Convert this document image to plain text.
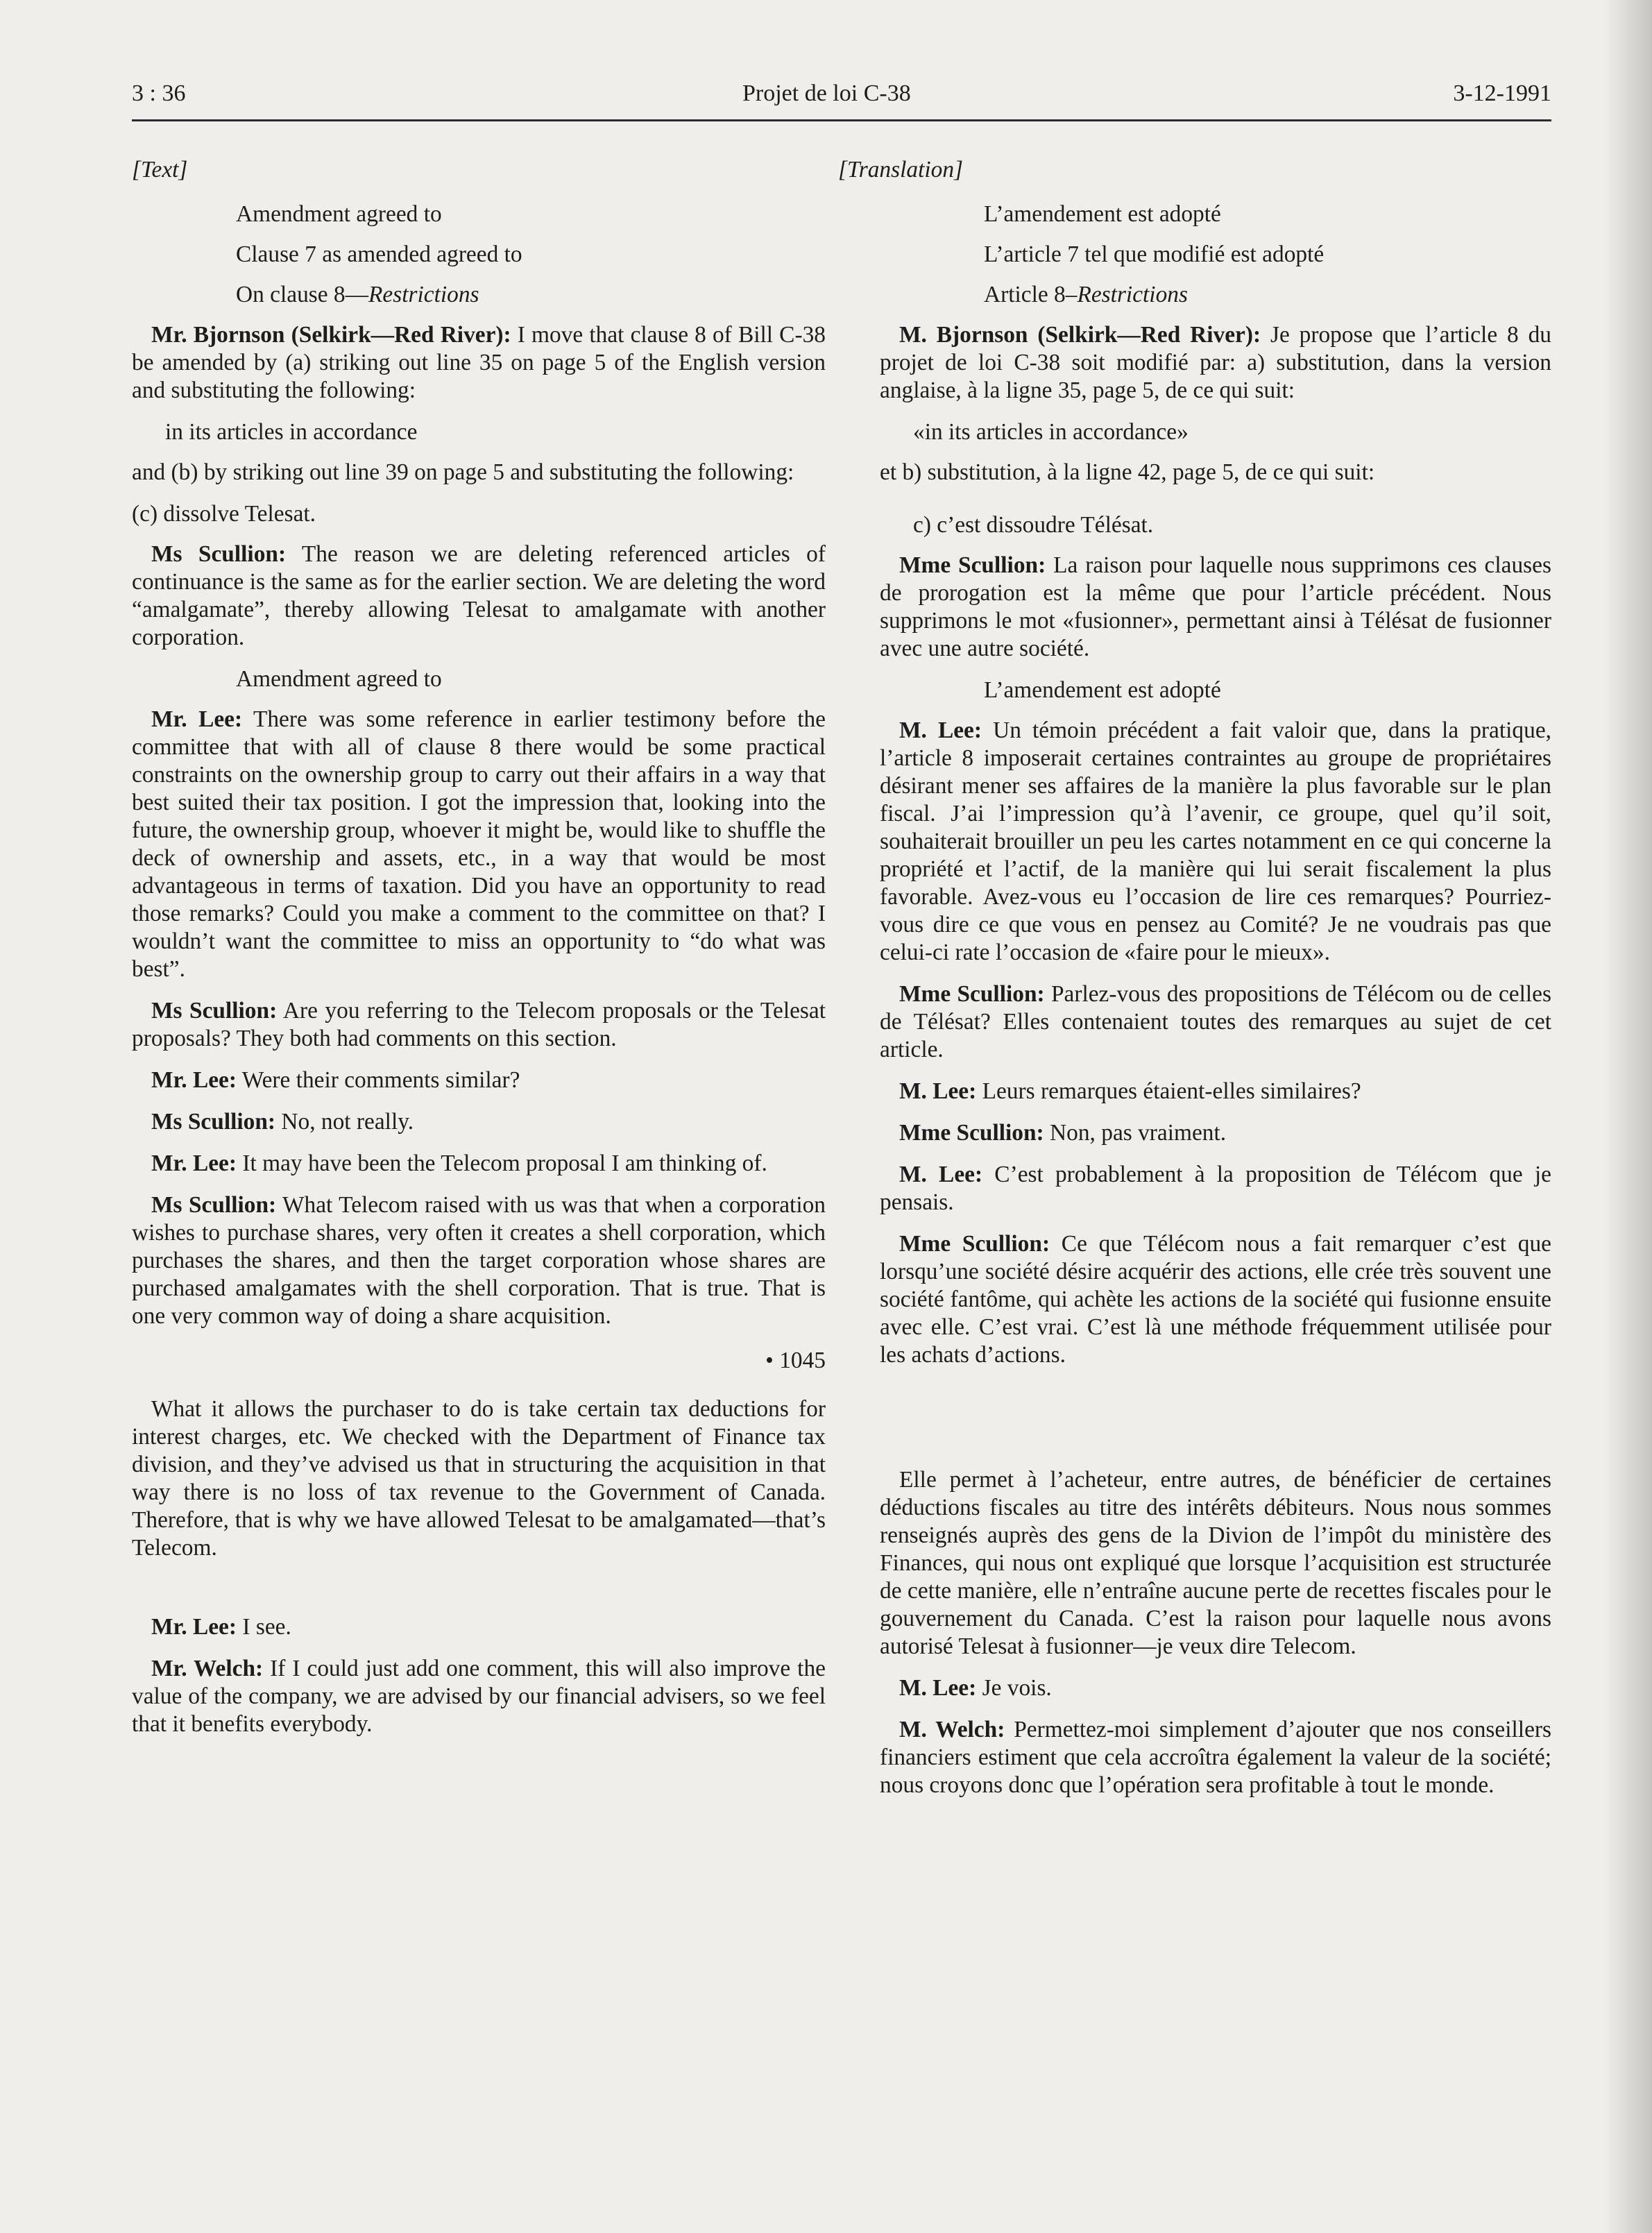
3 : 36	Projet de loi C-38	3-12-1991
[Text]
Amendment agreed to
Clause 7 as amended agreed to
On clause 8—Restrictions

Mr. Bjornson (Selkirk—Red River): I move that clause 8 of Bill C-38 be amended by (a) striking out line 35 on page 5 of the English version and substituting the following:

in its articles in accordance

and (b) by striking out line 39 on page 5 and substituting the following:

(c) dissolve Telesat.

Ms Scullion: The reason we are deleting referenced articles of continuance is the same as for the earlier section. We are deleting the word “amalgamate”, thereby allowing Telesat to amalgamate with another corporation.

Amendment agreed to

Mr. Lee: There was some reference in earlier testimony before the committee that with all of clause 8 there would be some practical constraints on the ownership group to carry out their affairs in a way that best suited their tax position. I got the impression that, looking into the future, the ownership group, whoever it might be, would like to shuffle the deck of ownership and assets, etc., in a way that would be most advantageous in terms of taxation. Did you have an opportunity to read those remarks? Could you make a comment to the committee on that? I wouldn’t want the committee to miss an opportunity to “do what was best”.

Ms Scullion: Are you referring to the Telecom proposals or the Telesat proposals? They both had comments on this section.

Mr. Lee: Were their comments similar?

Ms Scullion: No, not really.

Mr. Lee: It may have been the Telecom proposal I am thinking of.

Ms Scullion: What Telecom raised with us was that when a corporation wishes to purchase shares, very often it creates a shell corporation, which purchases the shares, and then the target corporation whose shares are purchased amalgamates with the shell corporation. That is true. That is one very common way of doing a share acquisition.

• 1045

What it allows the purchaser to do is take certain tax deductions for interest charges, etc. We checked with the Department of Finance tax division, and they’ve advised us that in structuring the acquisition in that way there is no loss of tax revenue to the Government of Canada. Therefore, that is why we have allowed Telesat to be amalgamated—that’s Telecom.

Mr. Lee: I see.

Mr. Welch: If I could just add one comment, this will also improve the value of the company, we are advised by our financial advisers, so we feel that it benefits everybody.

[Translation]
L’amendement est adopté
L’article 7 tel que modifié est adopté
Article 8–Restrictions

M. Bjornson (Selkirk—Red River): Je propose que l’article 8 du projet de loi C-38 soit modifié par: a) substitution, dans la version anglaise, à la ligne 35, page 5, de ce qui suit:

«in its articles in accordance»

et b) substitution, à la ligne 42, page 5, de ce qui suit:

c) c’est dissoudre Télésat.

Mme Scullion: La raison pour laquelle nous supprimons ces clauses de prorogation est la même que pour l’article précédent. Nous supprimons le mot «fusionner», permettant ainsi à Télésat de fusionner avec une autre société.

L’amendement est adopté

M. Lee: Un témoin précédent a fait valoir que, dans la pratique, l’article 8 imposerait certaines contraintes au groupe de propriétaires désirant mener ses affaires de la manière la plus favorable sur le plan fiscal. J’ai l’impression qu’à l’avenir, ce groupe, quel qu’il soit, souhaiterait brouiller un peu les cartes notamment en ce qui concerne la propriété et l’actif, de la manière qui lui serait fiscalement la plus favorable. Avez-vous eu l’occasion de lire ces remarques? Pourriez-vous dire ce que vous en pensez au Comité? Je ne voudrais pas que celui-ci rate l’occasion de «faire pour le mieux».

Mme Scullion: Parlez-vous des propositions de Télécom ou de celles de Télésat? Elles contenaient toutes des remarques au sujet de cet article.

M. Lee: Leurs remarques étaient-elles similaires?

Mme Scullion: Non, pas vraiment.

M. Lee: C’est probablement à la proposition de Télécom que je pensais.

Mme Scullion: Ce que Télécom nous a fait remarquer c’est que lorsqu’une société désire acquérir des actions, elle crée très souvent une société fantôme, qui achète les actions de la société qui fusionne ensuite avec elle. C’est vrai. C’est là une méthode fréquemment utilisée pour les achats d’actions.

Elle permet à l’acheteur, entre autres, de bénéficier de certaines déductions fiscales au titre des intérêts débiteurs. Nous nous sommes renseignés auprès des gens de la Divion de l’impôt du ministère des Finances, qui nous ont expliqué que lorsque l’acquisition est structurée de cette manière, elle n’entraîne aucune perte de recettes fiscales pour le gouvernement du Canada. C’est la raison pour laquelle nous avons autorisé Telesat à fusionner—je veux dire Telecom.

M. Lee: Je vois.

M. Welch: Permettez-moi simplement d’ajouter que nos conseillers financiers estiment que cela accroîtra également la valeur de la société; nous croyons donc que l’opération sera profitable à tout le monde.
